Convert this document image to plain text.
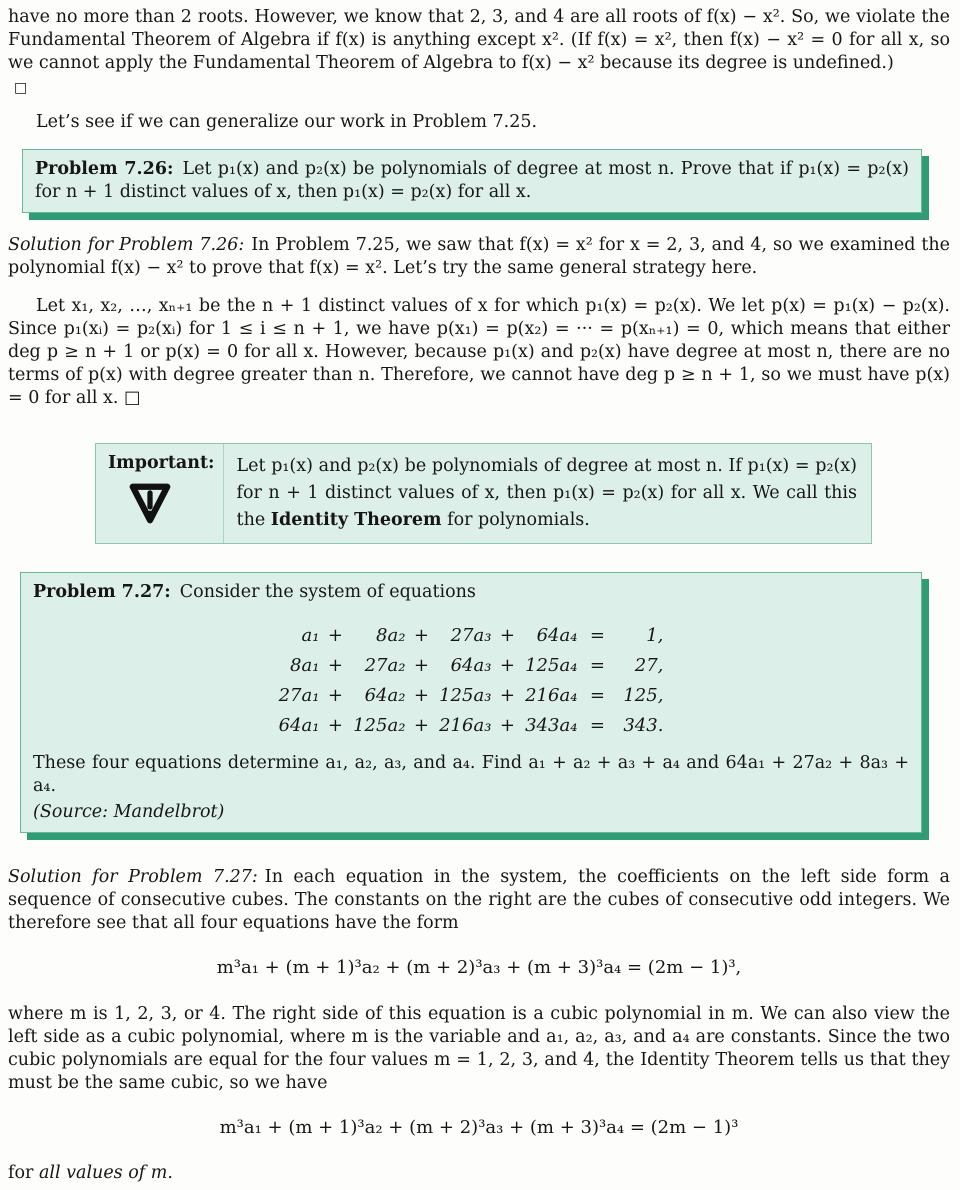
have no more than 2 roots. However, we know that 2, 3, and 4 are all roots of f(x) − x². So, we violate the Fundamental Theorem of Algebra if f(x) is anything except x². (If f(x) = x², then f(x) − x² = 0 for all x, so we cannot apply the Fundamental Theorem of Algebra to f(x) − x² because its degree is undefined.)

□

Let’s see if we can generalize our work in Problem 7.25.

Problem 7.26: Let p₁(x) and p₂(x) be polynomials of degree at most n. Prove that if p₁(x) = p₂(x) for n + 1 distinct values of x, then p₁(x) = p₂(x) for all x.

Solution for Problem 7.26: In Problem 7.25, we saw that f(x) = x² for x = 2, 3, and 4, so we examined the polynomial f(x) − x² to prove that f(x) = x². Let’s try the same general strategy here.

Let x₁, x₂, …, xₙ₊₁ be the n + 1 distinct values of x for which p₁(x) = p₂(x). We let p(x) = p₁(x) − p₂(x). Since p₁(xᵢ) = p₂(xᵢ) for 1 ≤ i ≤ n + 1, we have p(x₁) = p(x₂) = ··· = p(xₙ₊₁) = 0, which means that either deg p ≥ n + 1 or p(x) = 0 for all x. However, because p₁(x) and p₂(x) have degree at most n, there are no terms of p(x) with degree greater than n. Therefore, we cannot have deg p ≥ n + 1, so we must have p(x) = 0 for all x. □

Important:	Let p₁(x) and p₂(x) be polynomials of degree at most n. If p₁(x) = p₂(x) for n + 1 distinct values of x, then p₁(x) = p₂(x) for all x. We call this the Identity Theorem for polynomials.

Problem 7.27: Consider the system of equations

a₁	+	8a₂	+	27a₃	+	64a₄	=	1,
8a₁	+	27a₂	+	64a₃	+	125a₄	=	27,
27a₁	+	64a₂	+	125a₃	+	216a₄	=	125,
64a₁	+	125a₂	+	216a₃	+	343a₄	=	343.

These four equations determine a₁, a₂, a₃, and a₄. Find a₁ + a₂ + a₃ + a₄ and 64a₁ + 27a₂ + 8a₃ + a₄.

(Source: Mandelbrot)

Solution for Problem 7.27: In each equation in the system, the coefficients on the left side form a sequence of consecutive cubes. The constants on the right are the cubes of consecutive odd integers. We therefore see that all four equations have the form

m³a₁ + (m + 1)³a₂ + (m + 2)³a₃ + (m + 3)³a₄ = (2m − 1)³,

where m is 1, 2, 3, or 4. The right side of this equation is a cubic polynomial in m. We can also view the left side as a cubic polynomial, where m is the variable and a₁, a₂, a₃, and a₄ are constants. Since the two cubic polynomials are equal for the four values m = 1, 2, 3, and 4, the Identity Theorem tells us that they must be the same cubic, so we have

m³a₁ + (m + 1)³a₂ + (m + 2)³a₃ + (m + 3)³a₄ = (2m − 1)³

for all values of m.
